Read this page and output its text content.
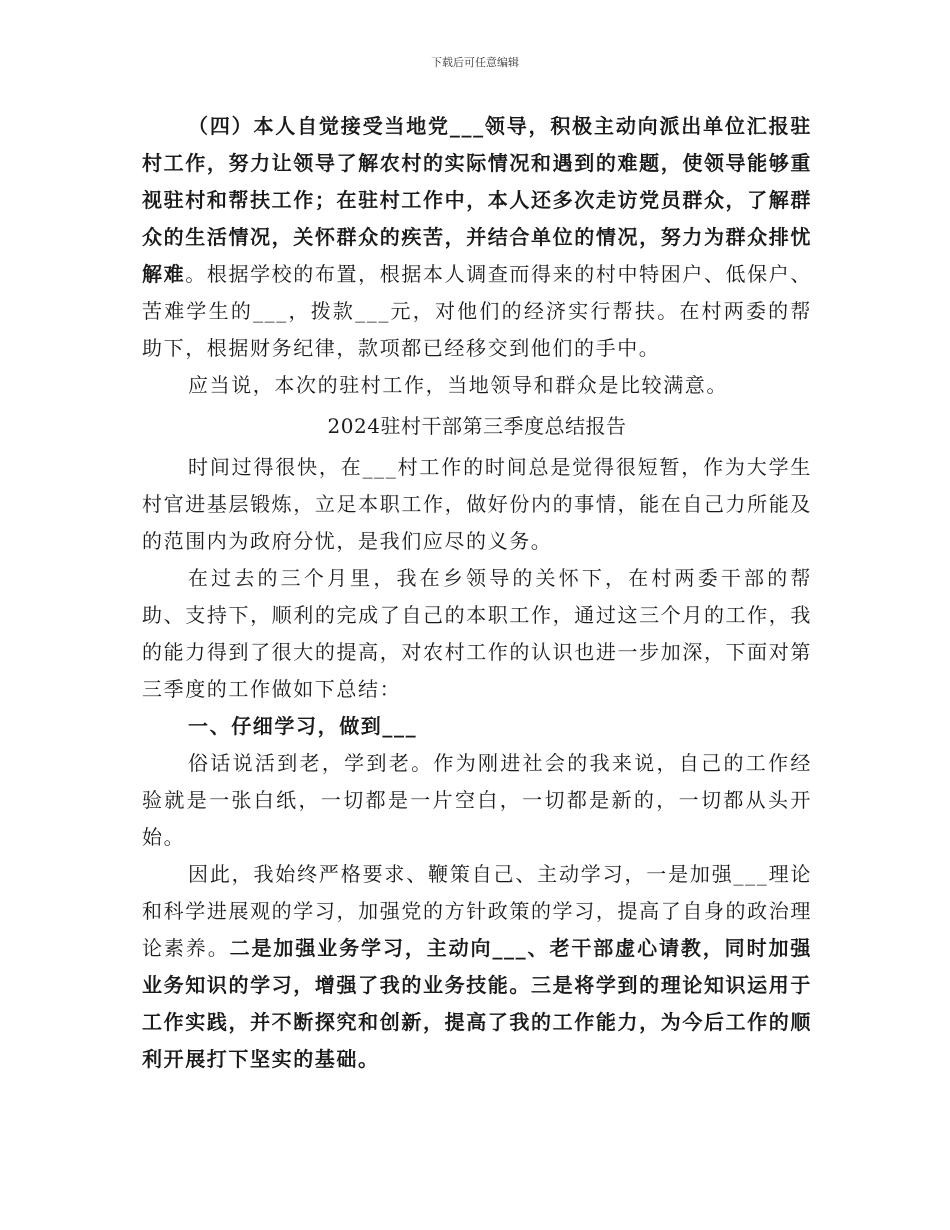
下载后可任意编辑

（四）本人自觉接受当地党___领导，积极主动向派出单位汇报驻村工作，努力让领导了解农村的实际情况和遇到的难题，使领导能够重视驻村和帮扶工作；在驻村工作中，本人还多次走访党员群众，了解群众的生活情况，关怀群众的疾苦，并结合单位的情况，努力为群众排忧解难。根据学校的布置，根据本人调查而得来的村中特困户、低保户、苦难学生的___，拨款___元，对他们的经济实行帮扶。在村两委的帮助下，根据财务纪律，款项都已经移交到他们的手中。

应当说，本次的驻村工作，当地领导和群众是比较满意。

2024驻村干部第三季度总结报告

时间过得很快，在___村工作的时间总是觉得很短暂，作为大学生村官进基层锻炼，立足本职工作，做好份内的事情，能在自己力所能及的范围内为政府分忧，是我们应尽的义务。

在过去的三个月里，我在乡领导的关怀下，在村两委干部的帮助、支持下，顺利的完成了自己的本职工作，通过这三个月的工作，我的能力得到了很大的提高，对农村工作的认识也进一步加深，下面对第三季度的工作做如下总结：

一、仔细学习，做到___

俗话说活到老，学到老。作为刚进社会的我来说，自己的工作经验就是一张白纸，一切都是一片空白，一切都是新的，一切都从头开始。

因此，我始终严格要求、鞭策自己、主动学习，一是加强___理论和科学进展观的学习，加强党的方针政策的学习，提高了自身的政治理论素养。二是加强业务学习，主动向___、老干部虚心请教，同时加强业务知识的学习，增强了我的业务技能。三是将学到的理论知识运用于工作实践，并不断探究和创新，提高了我的工作能力，为今后工作的顺利开展打下坚实的基础。
